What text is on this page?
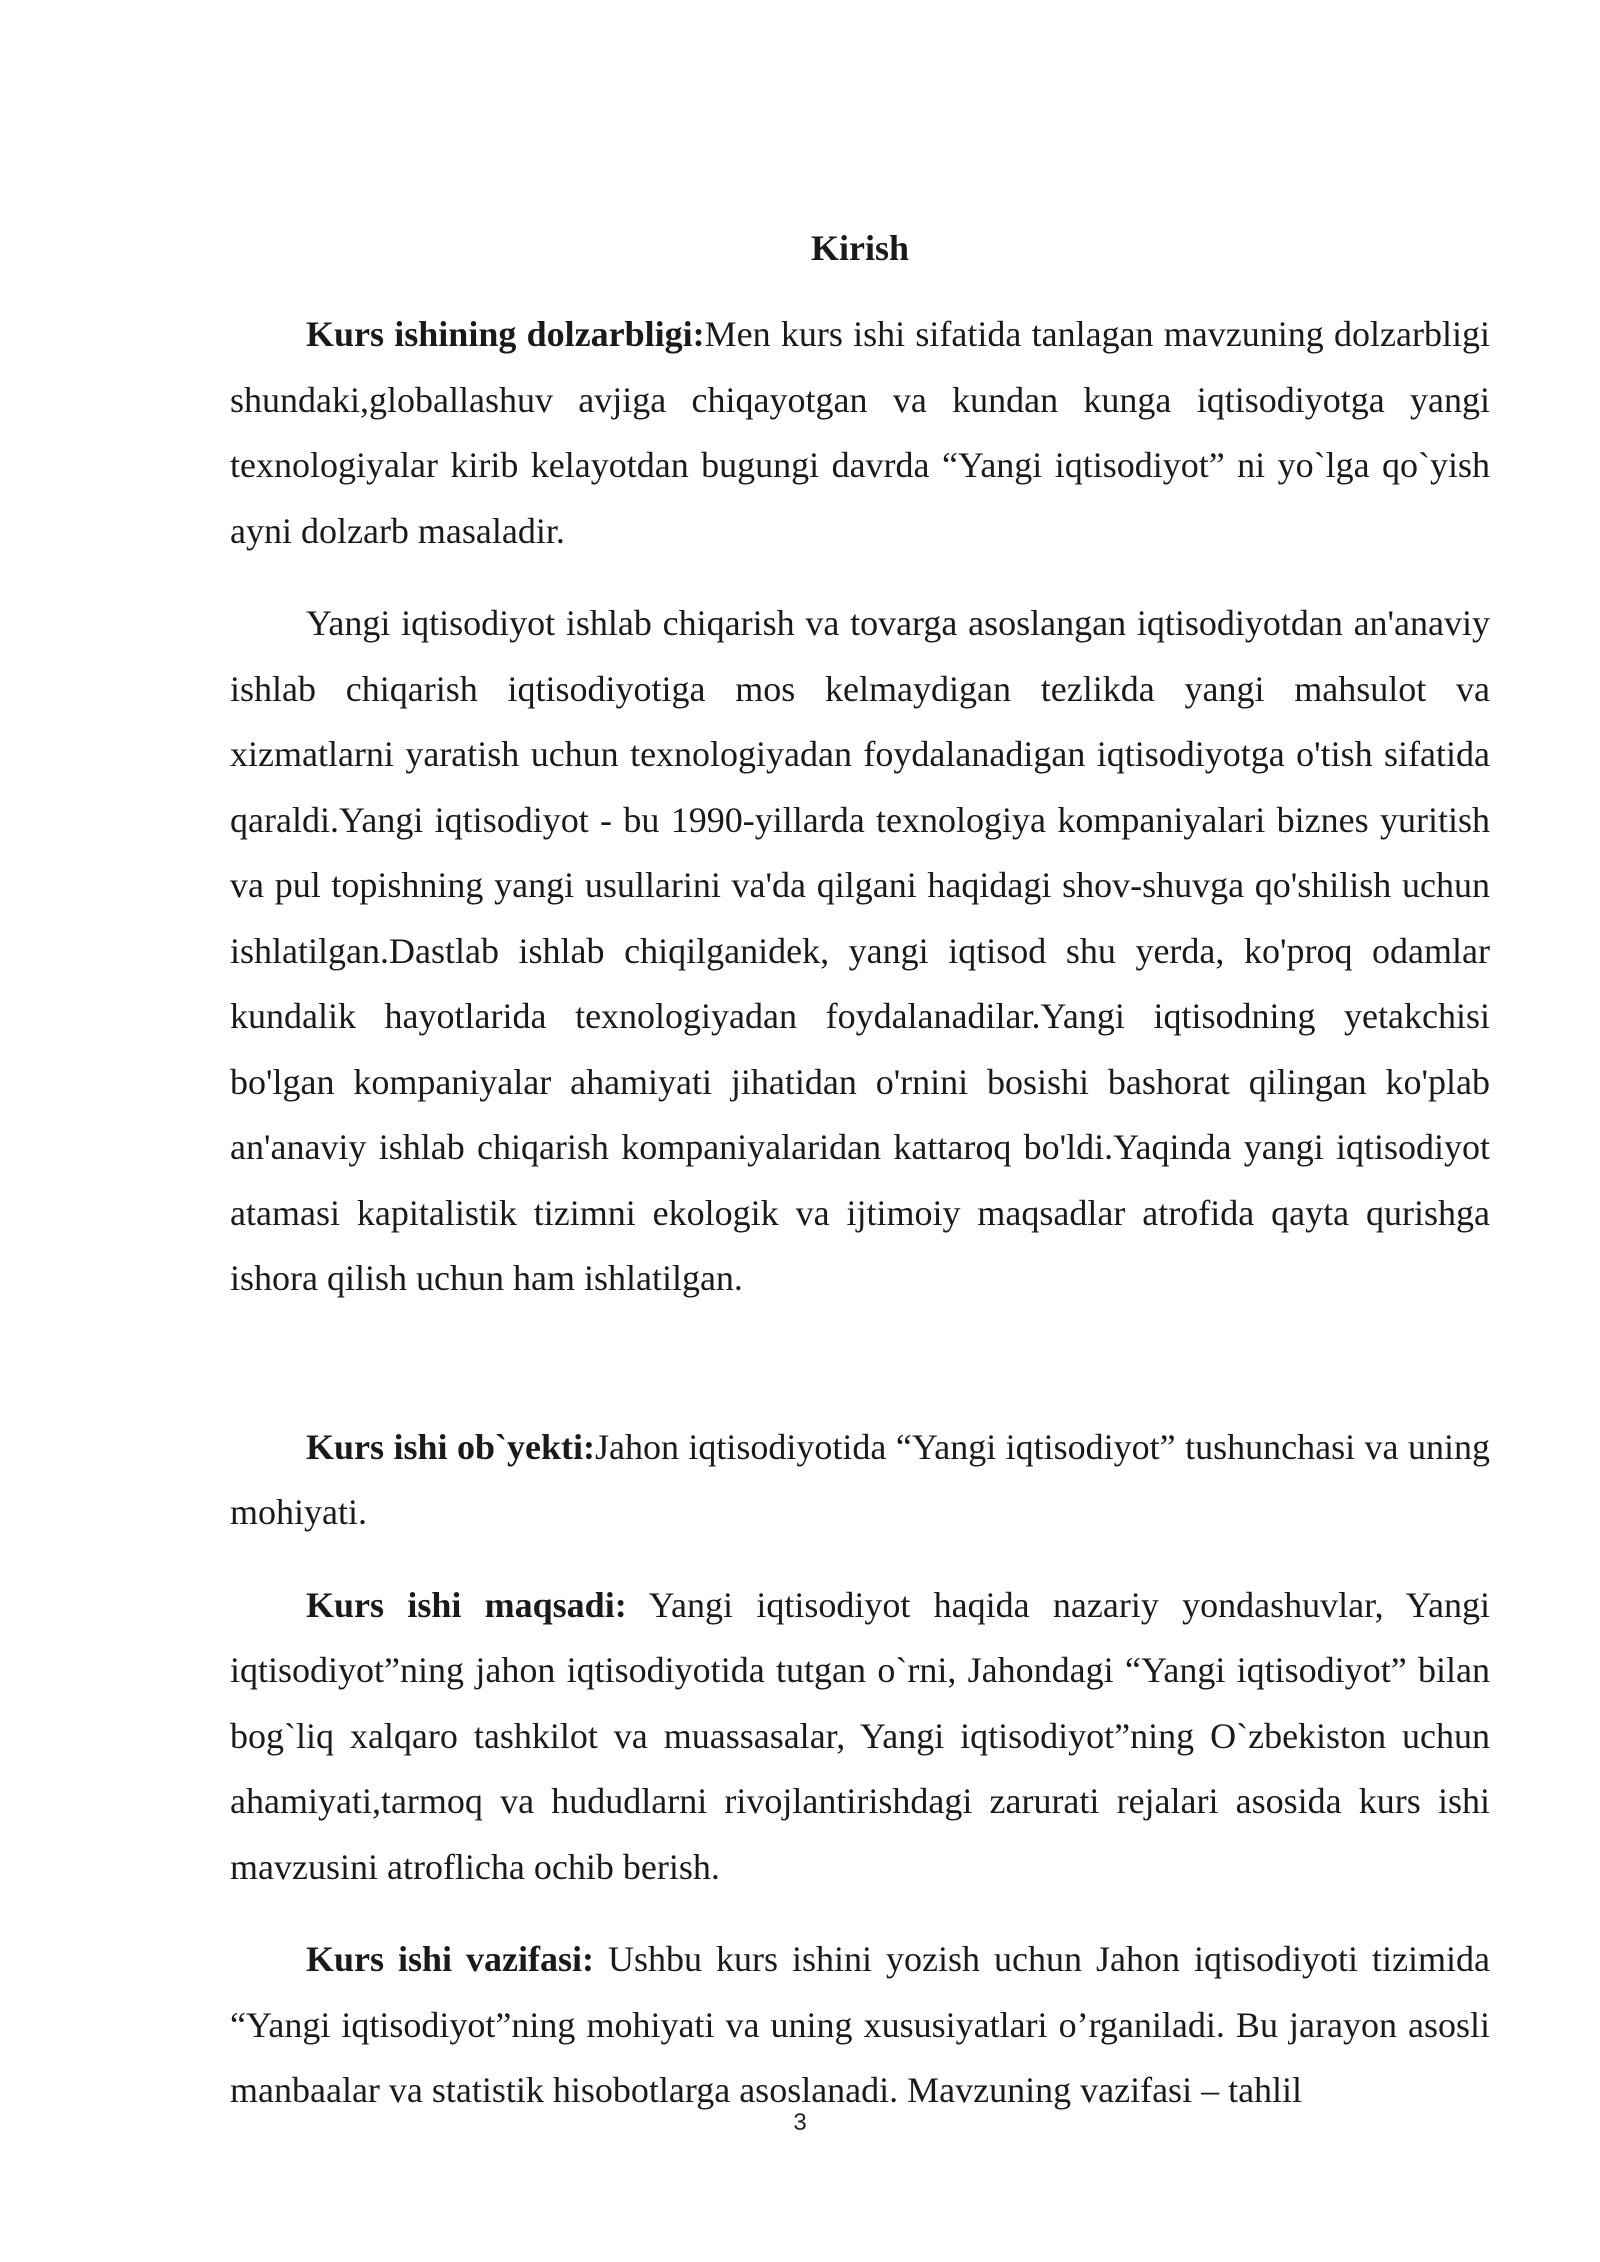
Kirish

Kurs ishining dolzarbligi:Men kurs ishi sifatida tanlagan mavzuning dolzarbligi shundaki,globallashuv avjiga chiqayotgan va kundan kunga iqtisodiyotga yangi texnologiyalar kirib kelayotdan bugungi davrda “Yangi iqtisodiyot” ni yo`lga qo`yish ayni dolzarb masaladir.

Yangi iqtisodiyot ishlab chiqarish va tovarga asoslangan iqtisodiyotdan an'anaviy ishlab chiqarish iqtisodiyotiga mos kelmaydigan tezlikda yangi mahsulot va xizmatlarni yaratish uchun texnologiyadan foydalanadigan iqtisodiyotga o'tish sifatida qaraldi.Yangi iqtisodiyot - bu 1990-yillarda texnologiya kompaniyalari biznes yuritish va pul topishning yangi usullarini va'da qilgani haqidagi shov-shuvga qo'shilish uchun ishlatilgan.Dastlab ishlab chiqilganidek, yangi iqtisod shu yerda, ko'proq odamlar kundalik hayotlarida texnologiyadan foydalanadilar.Yangi iqtisodning yetakchisi bo'lgan kompaniyalar ahamiyati jihatidan o'rnini bosishi bashorat qilingan ko'plab an'anaviy ishlab chiqarish kompaniyalaridan kattaroq bo'ldi.Yaqinda yangi iqtisodiyot atamasi kapitalistik tizimni ekologik va ijtimoiy maqsadlar atrofida qayta qurishga ishora qilish uchun ham ishlatilgan.

Kurs ishi ob`yekti:Jahon iqtisodiyotida “Yangi iqtisodiyot” tushunchasi va uning mohiyati.

Kurs ishi maqsadi: Yangi iqtisodiyot haqida nazariy yondashuvlar, Yangi iqtisodiyot”ning jahon iqtisodiyotida tutgan o`rni, Jahondagi “Yangi iqtisodiyot” bilan bog`liq xalqaro tashkilot va muassasalar, Yangi iqtisodiyot”ning O`zbekiston uchun ahamiyati,tarmoq va hududlarni rivojlantirishdagi zarurati rejalari asosida kurs ishi mavzusini atroflicha ochib berish.

Kurs ishi vazifasi: Ushbu kurs ishini yozish uchun Jahon iqtisodiyoti tizimida “Yangi iqtisodiyot”ning mohiyati va uning xususiyatlari o’rganiladi. Bu jarayon asosli manbaalar va statistik hisobotlarga asoslanadi. Mavzuning vazifasi – tahlil

3
